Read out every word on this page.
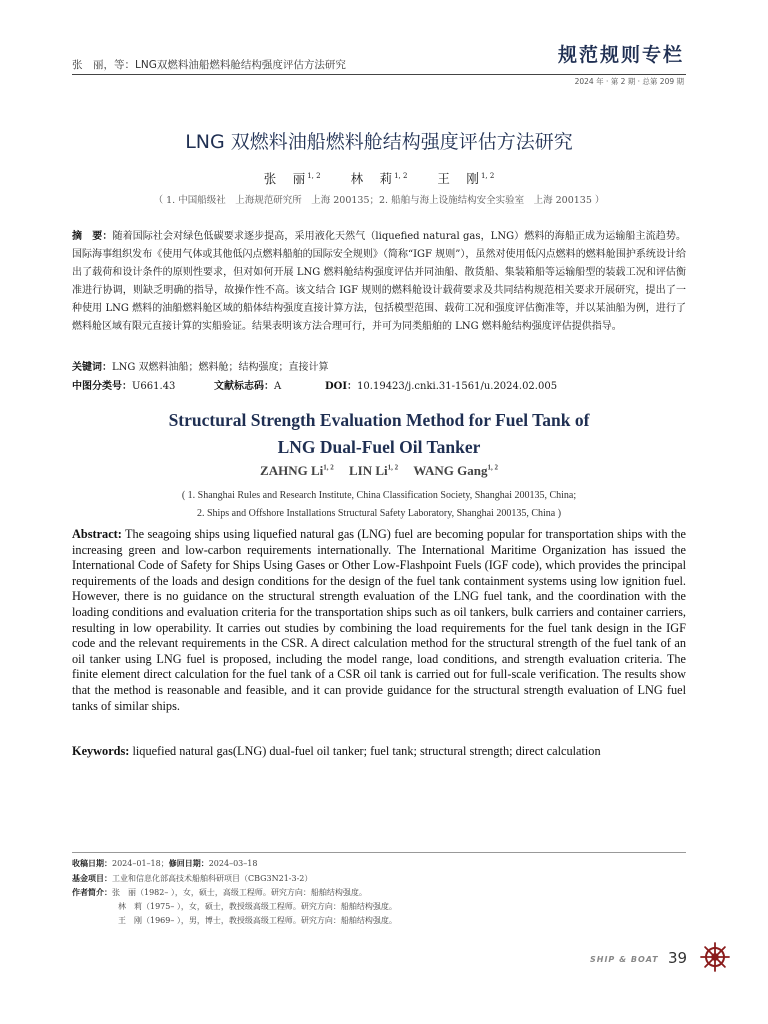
张　丽，等：LNG双燃料油船燃料舱结构强度评估方法研究	规范规则专栏
2024 年 · 第 2 期 · 总第 209 期
LNG 双燃料油船燃料舱结构强度评估方法研究
张　丽$^{1, 2}$ 林　莉$^{1, 2}$ 王　刚$^{1, 2}$
（ 1. 中国船级社　上海规范研究所　上海 200135；2. 船舶与海上设施结构安全实验室　上海 200135 ）

摘　要：随着国际社会对绿色低碳要求逐步提高，采用液化天然气（liquefied natural gas，LNG）燃料的海船正成为运输船主流趋势。国际海事组织发布《使用气体或其他低闪点燃料船舶的国际安全规则》（简称“IGF 规则”），虽然对使用低闪点燃料的燃料舱围护系统设计给出了载荷和设计条件的原则性要求，但对如何开展 LNG 燃料舱结构强度评估并同油船、散货船、集装箱船等运输船型的装载工况和评估衡准进行协调，则缺乏明确的指导，故操作性不高。该文结合 IGF 规则的燃料舱设计载荷要求及共同结构规范相关要求开展研究，提出了一种使用 LNG 燃料的油船燃料舱区域的船体结构强度直接计算方法，包括模型范围、载荷工况和强度评估衡准等，并以某油船为例，进行了燃料舱区域有限元直接计算的实船验证。结果表明该方法合理可行，并可为同类船舶的 LNG 燃料舱结构强度评估提供指导。

关键词：LNG 双燃料油船；燃料舱；结构强度；直接计算
中图分类号：U661.43	文献标志码：A	DOI：10.19423/j.cnki.31-1561/u.2024.02.005
Structural Strength Evaluation Method for Fuel Tank of
LNG Dual-Fuel Oil Tanker
ZAHNG Li$^{1, 2}$ LIN Li$^{1, 2}$ WANG Gang$^{1, 2}$
( 1. Shanghai Rules and Research Institute, China Classification Society, Shanghai 200135, China;
2. Ships and Offshore Installations Structural Safety Laboratory, Shanghai 200135, China )

Abstract: The seagoing ships using liquefied natural gas (LNG) fuel are becoming popular for transportation ships with the increasing green and low-carbon requirements internationally. The International Maritime Organization has issued the International Code of Safety for Ships Using Gases or Other Low-Flashpoint Fuels (IGF code), which provides the principal requirements of the loads and design conditions for the design of the fuel tank containment systems using low ignition fuel. However, there is no guidance on the structural strength evaluation of the LNG fuel tank, and the coordination with the loading conditions and evaluation criteria for the transportation ships such as oil tankers, bulk carriers and container carriers, resulting in low operability. It carries out studies by combining the load requirements for the fuel tank design in the IGF code and the relevant requirements in the CSR. A direct calculation method for the structural strength of the fuel tank of an oil tanker using LNG fuel is proposed, including the model range, load conditions, and strength evaluation criteria. The finite element direct calculation for the fuel tank of a CSR oil tank is carried out for full-scale verification. The results show that the method is reasonable and feasible, and it can provide guidance for the structural strength evaluation of LNG fuel tanks of similar ships.

Keywords: liquefied natural gas(LNG) dual-fuel oil tanker; fuel tank; structural strength; direct calculation

收稿日期：2024–01–18；修回日期：2024–03–18
基金项目：工业和信息化部高技术船舶科研项目（CBG3N21-3-2）
作者简介：张　丽（1982– ），女，硕士，高级工程师。研究方向：船舶结构强度。
林　莉（1975– ），女，硕士，教授级高级工程师。研究方向：船舶结构强度。
王　刚（1969– ），男，博士，教授级高级工程师。研究方向：船舶结构强度。
SHIP & BOAT 39
